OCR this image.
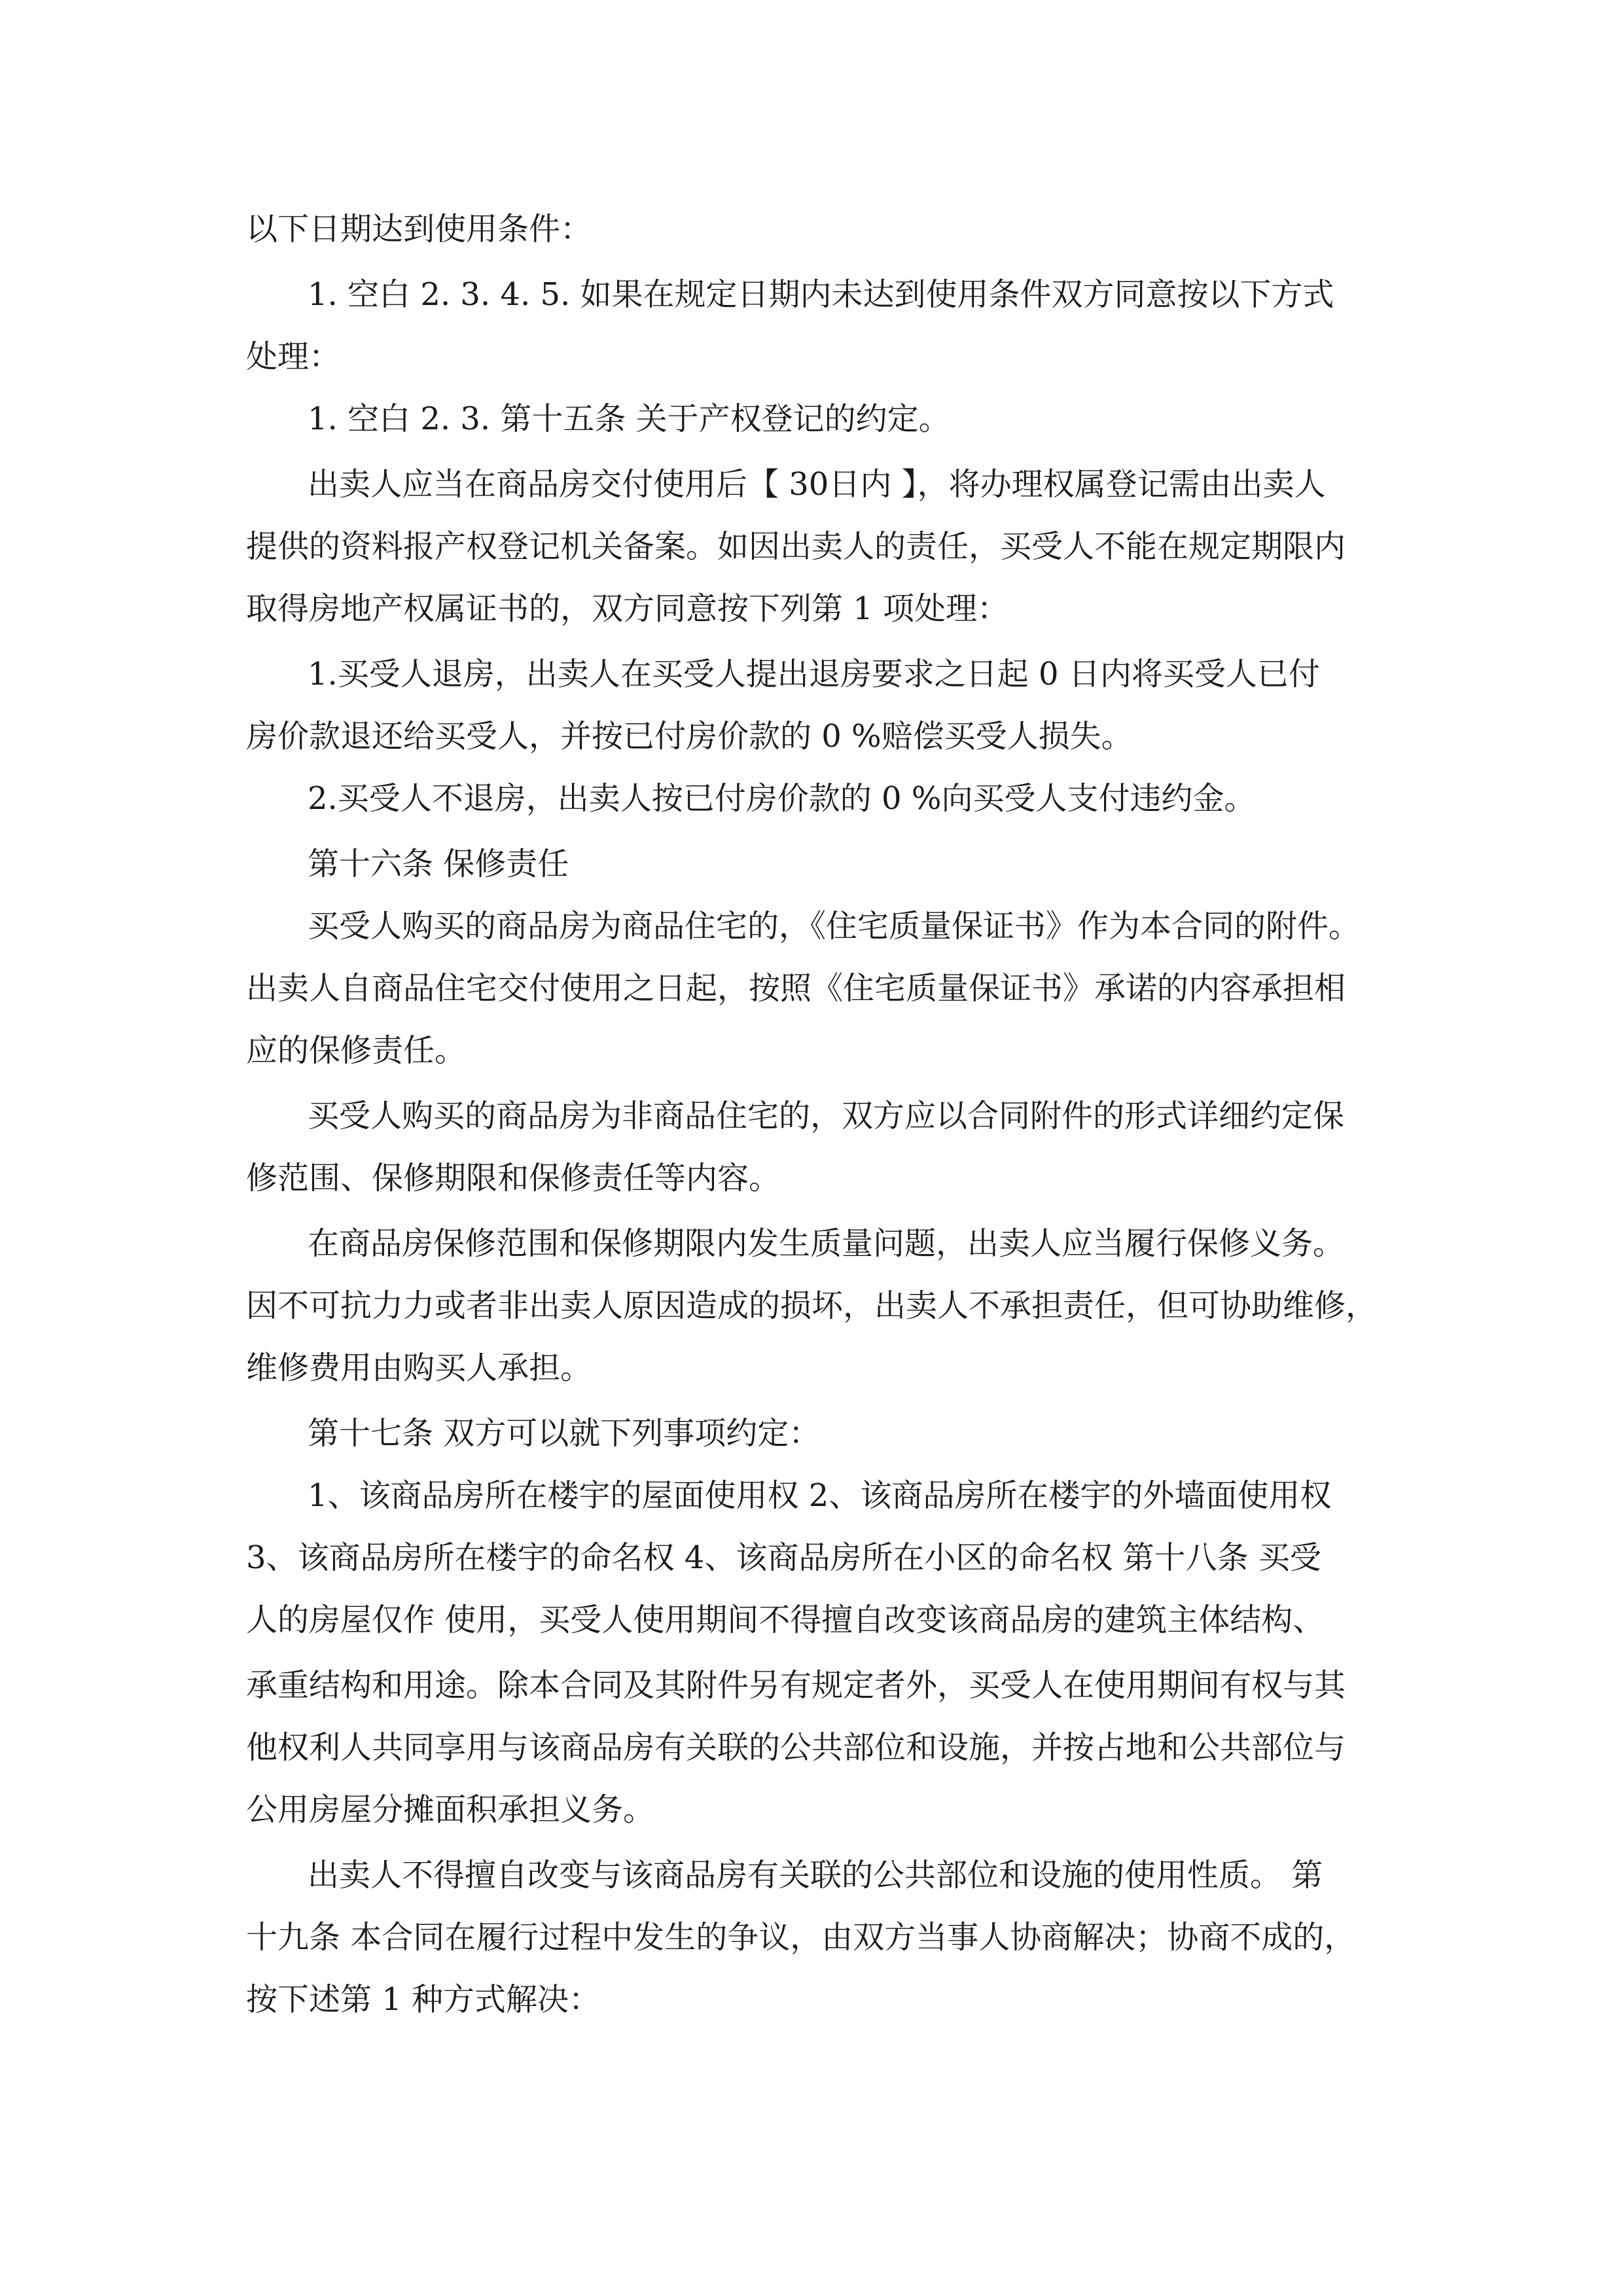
以下日期达到使用条件：

1. 空白 2. 3. 4. 5. 如果在规定日期内未达到使用条件双方同意按以下方式

处理：

1. 空白 2. 3. 第十五条 关于产权登记的约定。

出卖人应当在商品房交付使用后【 30日内 】，将办理权属登记需由出卖人

提供的资料报产权登记机关备案。如因出卖人的责任，买受人不能在规定期限内

取得房地产权属证书的，双方同意按下列第 1 项处理：

1.买受人退房，出卖人在买受人提出退房要求之日起 0 日内将买受人已付

房价款退还给买受人，并按已付房价款的 0 %赔偿买受人损失。

2.买受人不退房，出卖人按已付房价款的 0 %向买受人支付违约金。

第十六条 保修责任

买受人购买的商品房为商品住宅的，《住宅质量保证书》作为本合同的附件。

出卖人自商品住宅交付使用之日起，按照《住宅质量保证书》承诺的内容承担相

应的保修责任。

买受人购买的商品房为非商品住宅的，双方应以合同附件的形式详细约定保

修范围、保修期限和保修责任等内容。

在商品房保修范围和保修期限内发生质量问题，出卖人应当履行保修义务。

因不可抗力力或者非出卖人原因造成的损坏，出卖人不承担责任，但可协助维修，

维修费用由购买人承担。

第十七条 双方可以就下列事项约定：

1、该商品房所在楼宇的屋面使用权 2、该商品房所在楼宇的外墙面使用权

3、该商品房所在楼宇的命名权 4、该商品房所在小区的命名权 第十八条 买受

人的房屋仅作 使用，买受人使用期间不得擅自改变该商品房的建筑主体结构、

承重结构和用途。除本合同及其附件另有规定者外，买受人在使用期间有权与其

他权利人共同享用与该商品房有关联的公共部位和设施，并按占地和公共部位与

公用房屋分摊面积承担义务。

出卖人不得擅自改变与该商品房有关联的公共部位和设施的使用性质。 第

十九条 本合同在履行过程中发生的争议，由双方当事人协商解决；协商不成的，

按下述第 1 种方式解决：
